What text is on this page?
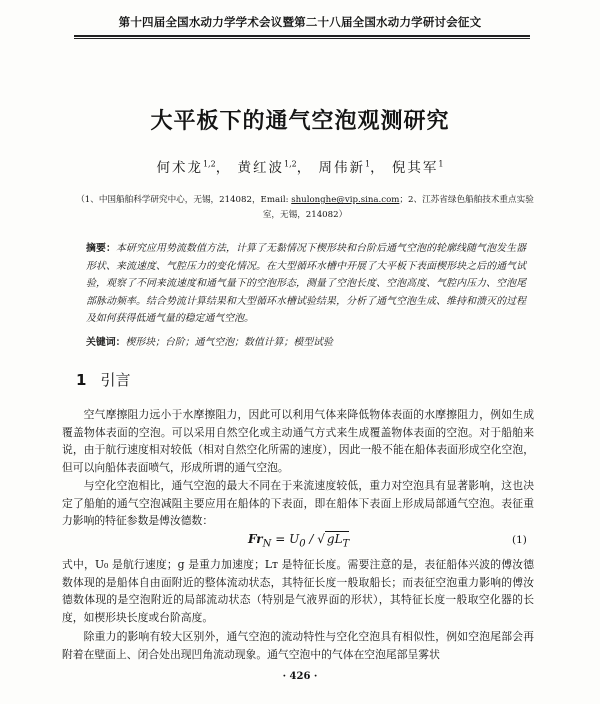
第十四届全国水动力学学术会议暨第二十八届全国水动力学研讨会征文
大平板下的通气空泡观测研究
何术龙$^{1,2}$， 黄红波$^{1,2}$， 周伟新$^1$， 倪其军$^1$
（1、中国船舶科学研究中心，无锡，214082，Email: shulonghe@vip.sina.com；2、江苏省绿色船舶技术重点实验室，无锡，214082）
摘要：本研究应用势流数值方法，计算了无黏情况下楔形块和台阶后通气空泡的轮廓线随气泡发生器形状、来流速度、气腔压力的变化情况。在大型循环水槽中开展了大平板下表面楔形块之后的通气试验，观察了不同来流速度和通气量下的空泡形态，测量了空泡长度、空泡高度、气腔内压力、空泡尾部脉动频率。结合势流计算结果和大型循环水槽试验结果，分析了通气空泡生成、维持和溃灭的过程及如何获得低通气量的稳定通气空泡。
关键词：楔形块；台阶；通气空泡；数值计算；模型试验
1 引言
空气摩擦阻力远小于水摩擦阻力，因此可以利用气体来降低物体表面的水摩擦阻力，例如生成覆盖物体表面的空泡。可以采用自然空化或主动通气方式来生成覆盖物体表面的空泡。对于船舶来说，由于航行速度相对较低（相对自然空化所需的速度），因此一般不能在船体表面形成空化空泡，但可以向船体表面喷气，形成所谓的通气空泡。
与空化空泡相比，通气空泡的最大不同在于来流速度较低，重力对空泡具有显著影响，这也决定了船舶的通气空泡减阻主要应用在船体的下表面，即在船体下表面上形成局部通气空泡。表征重力影响的特征参数是傅汝德数：
$Fr_N = U_0$ / √ $gL_T$	(1)
式中，U₀ 是航行速度；g 是重力加速度；Lᴛ 是特征长度。需要注意的是，表征船体兴波的傅汝德数体现的是船体自由面附近的整体流动状态，其特征长度一般取船长；而表征空泡重力影响的傅汝德数体现的是空泡附近的局部流动状态（特别是气液界面的形状），其特征长度一般取空化器的长度，如楔形块长度或台阶高度。
除重力的影响有较大区别外，通气空泡的流动特性与空化空泡具有相似性，例如空泡尾部会再附着在壁面上、闭合处出现凹角流动现象。通气空泡中的气体在空泡尾部呈雾状
· 426 ·
